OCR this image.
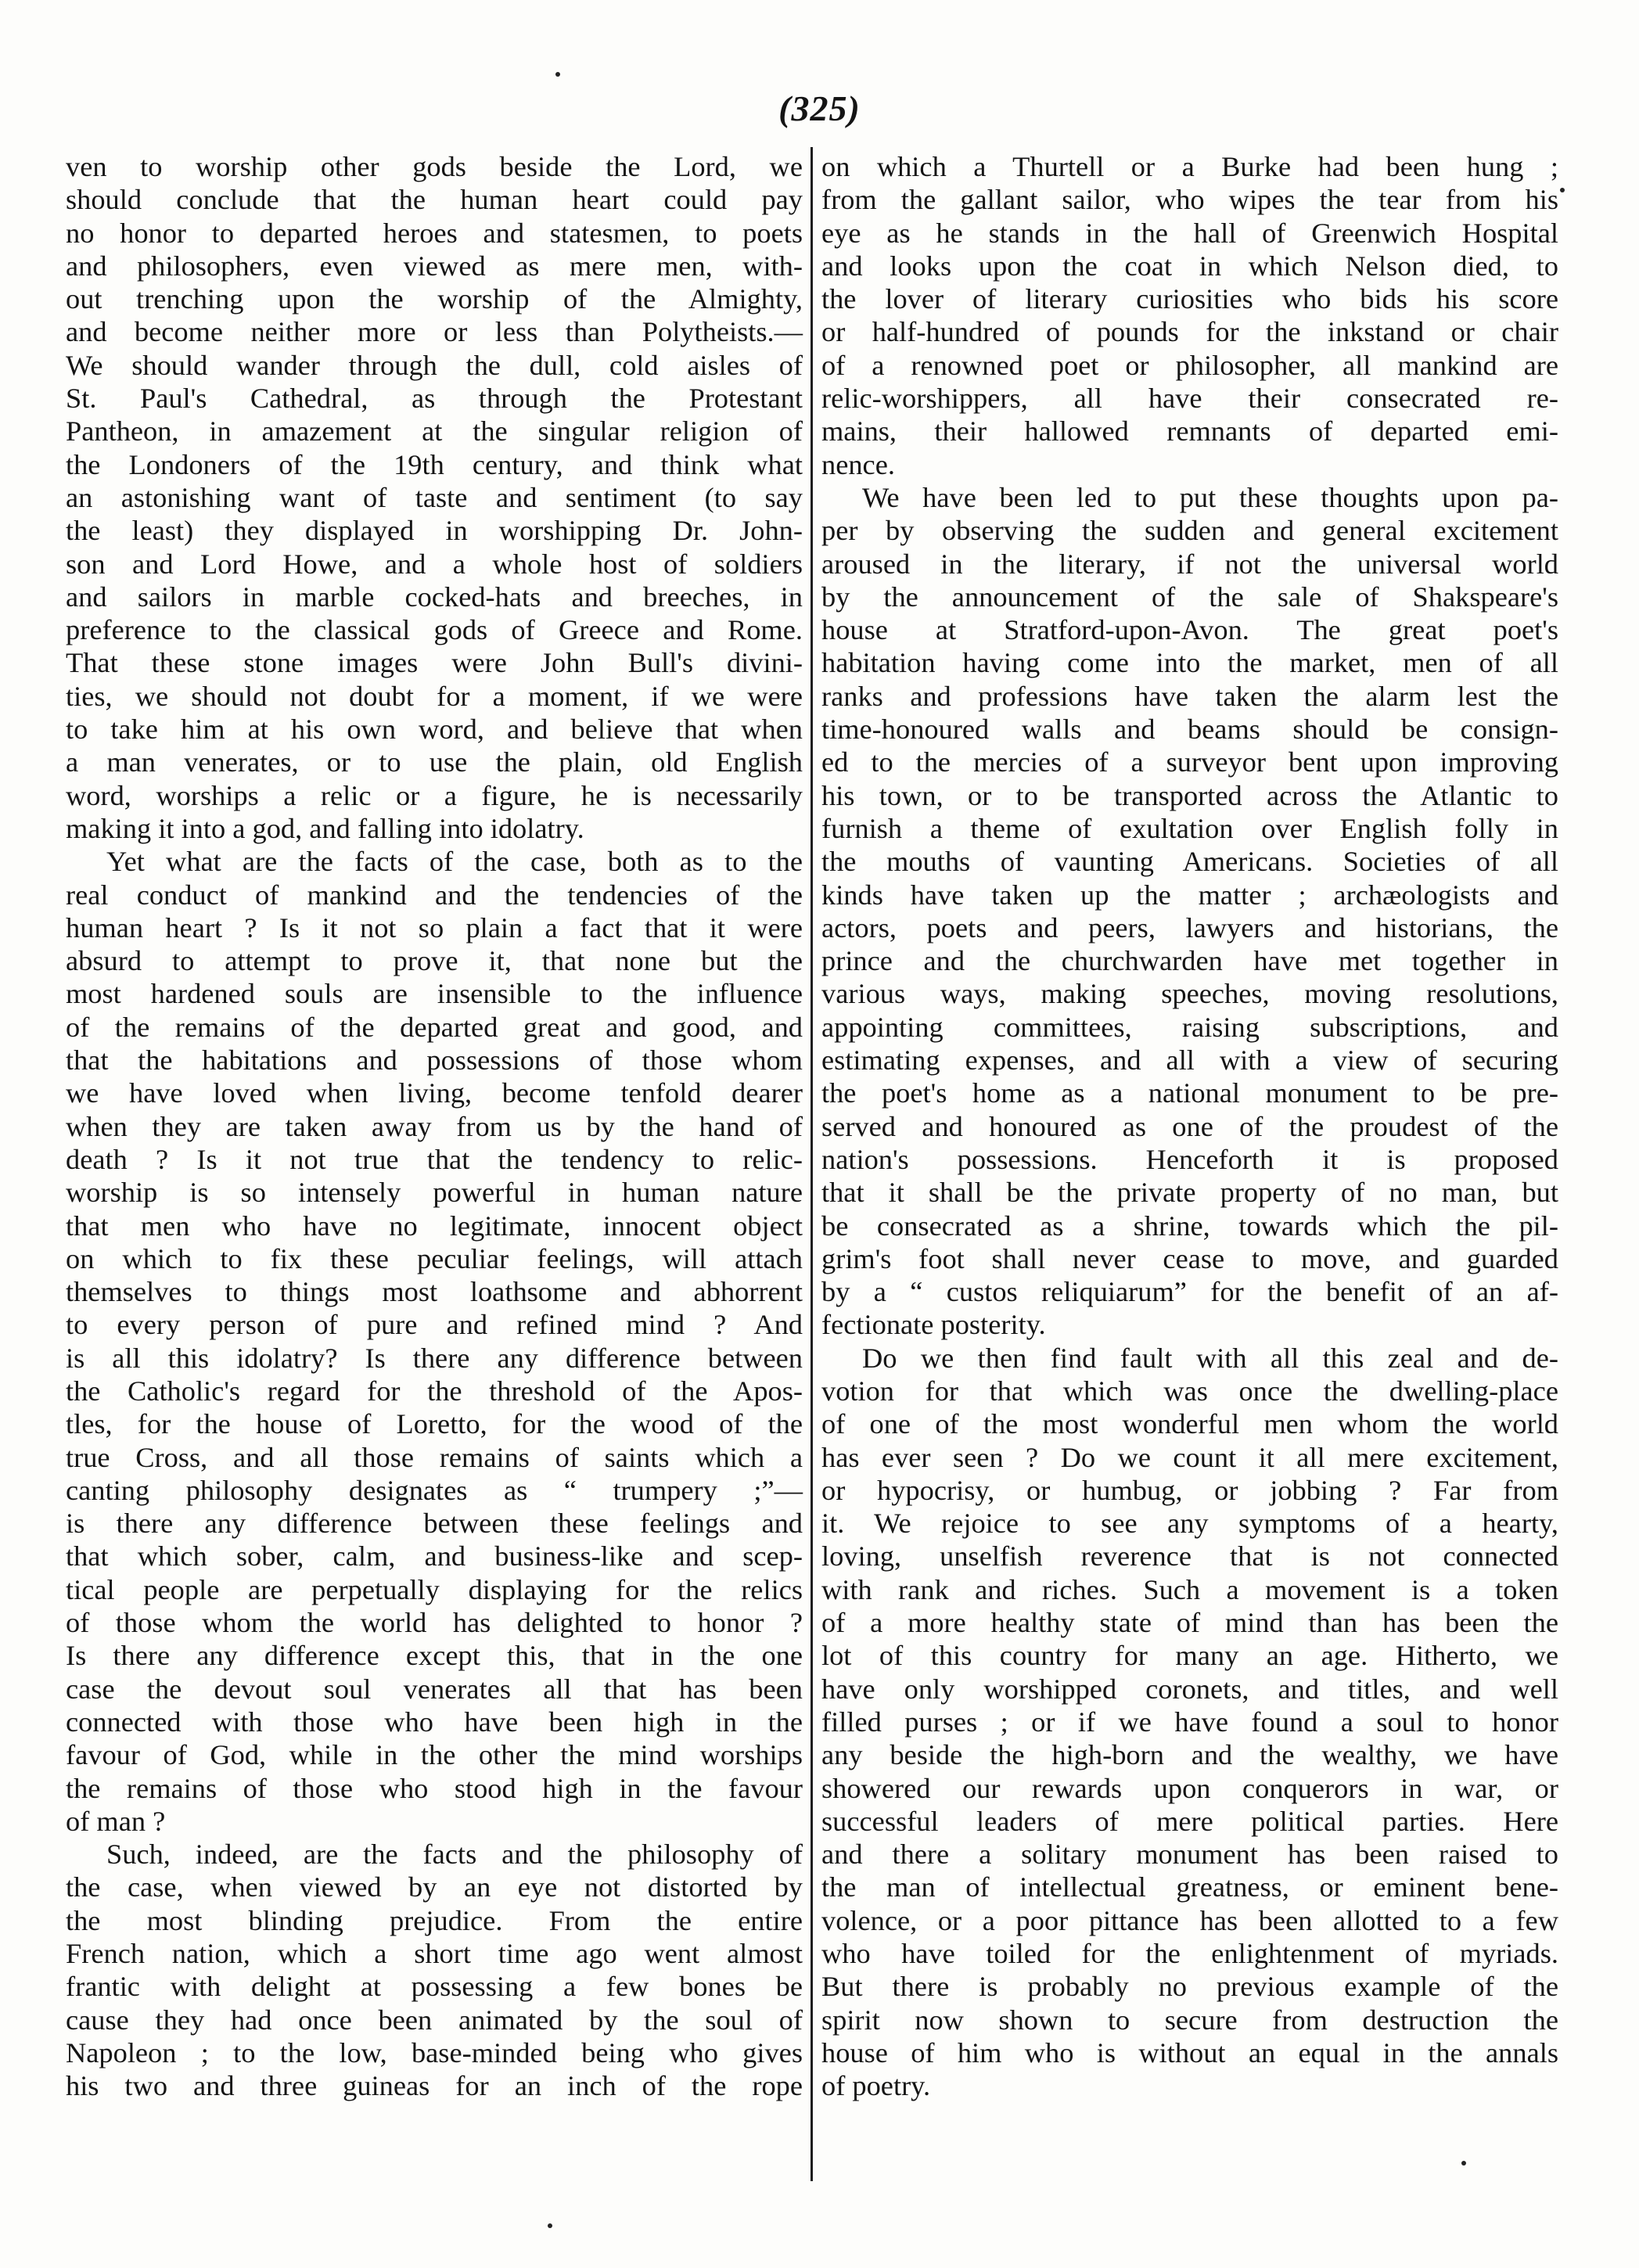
(325)
ven to worship other gods beside the Lord, we
should conclude that the human heart could pay
no honor to departed heroes and statesmen, to poets
and philosophers, even viewed as mere men, with-
out trenching upon the worship of the Almighty,
and become neither more or less than Polytheists.—
We should wander through the dull, cold aisles of
St. Paul's Cathedral, as through the Protestant
Pantheon, in amazement at the singular religion of
the Londoners of the 19th century, and think what
an astonishing want of taste and sentiment (to say
the least) they displayed in worshipping Dr. John-
son and Lord Howe, and a whole host of soldiers
and sailors in marble cocked-hats and breeches, in
preference to the classical gods of Greece and Rome.
That these stone images were John Bull's divini-
ties, we should not doubt for a moment, if we were
to take him at his own word, and believe that when
a man venerates, or to use the plain, old English
word, worships a relic or a figure, he is necessarily
making it into a god, and falling into idolatry.
Yet what are the facts of the case, both as to the
real conduct of mankind and the tendencies of the
human heart ? Is it not so plain a fact that it were
absurd to attempt to prove it, that none but the
most hardened souls are insensible to the influence
of the remains of the departed great and good, and
that the habitations and possessions of those whom
we have loved when living, become tenfold dearer
when they are taken away from us by the hand of
death ? Is it not true that the tendency to relic-
worship is so intensely powerful in human nature
that men who have no legitimate, innocent object
on which to fix these peculiar feelings, will attach
themselves to things most loathsome and abhorrent
to every person of pure and refined mind ? And
is all this idolatry? Is there any difference between
the Catholic's regard for the threshold of the Apos-
tles, for the house of Loretto, for the wood of the
true Cross, and all those remains of saints which a
canting philosophy designates as “ trumpery ;”—
is there any difference between these feelings and
that which sober, calm, and business-like and scep-
tical people are perpetually displaying for the relics
of those whom the world has delighted to honor ?
Is there any difference except this, that in the one
case the devout soul venerates all that has been
connected with those who have been high in the
favour of God, while in the other the mind worships
the remains of those who stood high in the favour
of man ?
Such, indeed, are the facts and the philosophy of
the case, when viewed by an eye not distorted by
the most blinding prejudice. From the entire
French nation, which a short time ago went almost
frantic with delight at possessing a few bones be
cause they had once been animated by the soul of
Napoleon ; to the low, base-minded being who gives
his two and three guineas for an inch of the rope
on which a Thurtell or a Burke had been hung ;
from the gallant sailor, who wipes the tear from his
eye as he stands in the hall of Greenwich Hospital
and looks upon the coat in which Nelson died, to
the lover of literary curiosities who bids his score
or half-hundred of pounds for the inkstand or chair
of a renowned poet or philosopher, all mankind are
relic-worshippers, all have their consecrated re-
mains, their hallowed remnants of departed emi-
nence.
We have been led to put these thoughts upon pa-
per by observing the sudden and general excitement
aroused in the literary, if not the universal world
by the announcement of the sale of Shakspeare's
house at Stratford-upon-Avon. The great poet's
habitation having come into the market, men of all
ranks and professions have taken the alarm lest the
time-honoured walls and beams should be consign-
ed to the mercies of a surveyor bent upon improving
his town, or to be transported across the Atlantic to
furnish a theme of exultation over English folly in
the mouths of vaunting Americans. Societies of all
kinds have taken up the matter ; archæologists and
actors, poets and peers, lawyers and historians, the
prince and the churchwarden have met together in
various ways, making speeches, moving resolutions,
appointing committees, raising subscriptions, and
estimating expenses, and all with a view of securing
the poet's home as a national monument to be pre-
served and honoured as one of the proudest of the
nation's possessions. Henceforth it is proposed
that it shall be the private property of no man, but
be consecrated as a shrine, towards which the pil-
grim's foot shall never cease to move, and guarded
by a “ custos reliquiarum” for the benefit of an af-
fectionate posterity.
Do we then find fault with all this zeal and de-
votion for that which was once the dwelling-place
of one of the most wonderful men whom the world
has ever seen ? Do we count it all mere excitement,
or hypocrisy, or humbug, or jobbing ? Far from
it. We rejoice to see any symptoms of a hearty,
loving, unselfish reverence that is not connected
with rank and riches. Such a movement is a token
of a more healthy state of mind than has been the
lot of this country for many an age. Hitherto, we
have only worshipped coronets, and titles, and well
filled purses ; or if we have found a soul to honor
any beside the high-born and the wealthy, we have
showered our rewards upon conquerors in war, or
successful leaders of mere political parties. Here
and there a solitary monument has been raised to
the man of intellectual greatness, or eminent bene-
volence, or a poor pittance has been allotted to a few
who have toiled for the enlightenment of myriads.
But there is probably no previous example of the
spirit now shown to secure from destruction the
house of him who is without an equal in the annals
of poetry.
